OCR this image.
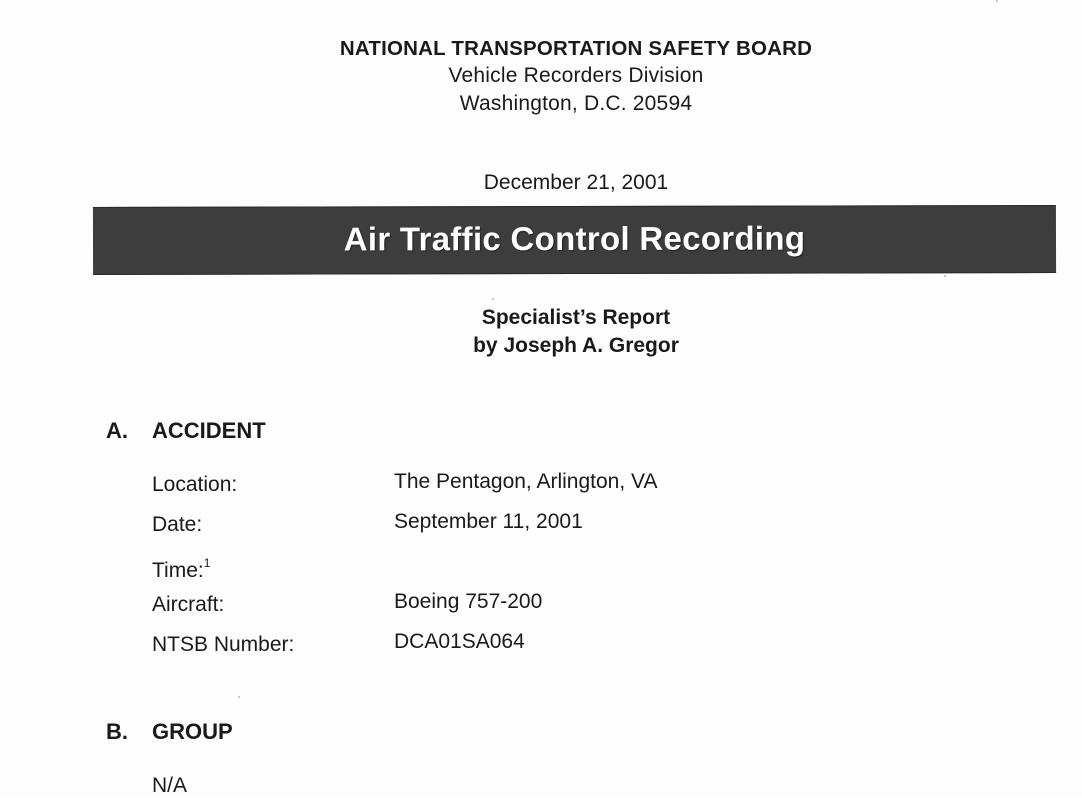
NATIONAL TRANSPORTATION SAFETY BOARD
Vehicle Recorders Division
Washington, D.C. 20594
December 21, 2001
Air Traffic Control Recording
Specialist’s Report
by Joseph A. Gregor
A. ACCIDENT
Location:	The Pentagon, Arlington, VA
Date:	September 11, 2001
Time:$^1$
Aircraft:	Boeing 757-200
NTSB Number:	DCA01SA064
B. GROUP
N/A
